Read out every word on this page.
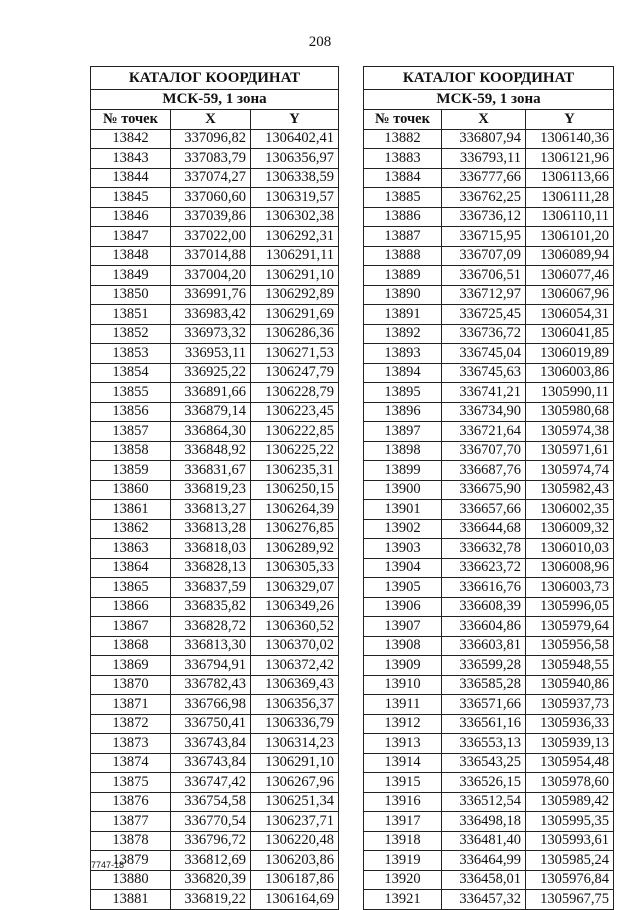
208
КАТАЛОГ КООРДИНАТ		
МСК-59, 1 зона		
№ точек	X	Y
13842	337096,82	1306402,41
13843	337083,79	1306356,97
13844	337074,27	1306338,59
13845	337060,60	1306319,57
13846	337039,86	1306302,38
13847	337022,00	1306292,31
13848	337014,88	1306291,11
13849	337004,20	1306291,10
13850	336991,76	1306292,89
13851	336983,42	1306291,69
13852	336973,32	1306286,36
13853	336953,11	1306271,53
13854	336925,22	1306247,79
13855	336891,66	1306228,79
13856	336879,14	1306223,45
13857	336864,30	1306222,85
13858	336848,92	1306225,22
13859	336831,67	1306235,31
13860	336819,23	1306250,15
13861	336813,27	1306264,39
13862	336813,28	1306276,85
13863	336818,03	1306289,92
13864	336828,13	1306305,33
13865	336837,59	1306329,07
13866	336835,82	1306349,26
13867	336828,72	1306360,52
13868	336813,30	1306370,02
13869	336794,91	1306372,42
13870	336782,43	1306369,43
13871	336766,98	1306356,37
13872	336750,41	1306336,79
13873	336743,84	1306314,23
13874	336743,84	1306291,10
13875	336747,42	1306267,96
13876	336754,58	1306251,34
13877	336770,54	1306237,71
13878	336796,72	1306220,48
13879	336812,69	1306203,86
13880	336820,39	1306187,86
13881	336819,22	1306164,69
КАТАЛОГ КООРДИНАТ		
МСК-59, 1 зона		
№ точек	X	Y
13882	336807,94	1306140,36
13883	336793,11	1306121,96
13884	336777,66	1306113,66
13885	336762,25	1306111,28
13886	336736,12	1306110,11
13887	336715,95	1306101,20
13888	336707,09	1306089,94
13889	336706,51	1306077,46
13890	336712,97	1306067,96
13891	336725,45	1306054,31
13892	336736,72	1306041,85
13893	336745,04	1306019,89
13894	336745,63	1306003,86
13895	336741,21	1305990,11
13896	336734,90	1305980,68
13897	336721,64	1305974,38
13898	336707,70	1305971,61
13899	336687,76	1305974,74
13900	336675,90	1305982,43
13901	336657,66	1306002,35
13902	336644,68	1306009,32
13903	336632,78	1306010,03
13904	336623,72	1306008,96
13905	336616,76	1306003,73
13906	336608,39	1305996,05
13907	336604,86	1305979,64
13908	336603,81	1305956,58
13909	336599,28	1305948,55
13910	336585,28	1305940,86
13911	336571,66	1305937,73
13912	336561,16	1305936,33
13913	336553,13	1305939,13
13914	336543,25	1305954,48
13915	336526,15	1305978,60
13916	336512,54	1305989,42
13917	336498,18	1305995,35
13918	336481,40	1305993,61
13919	336464,99	1305985,24
13920	336458,01	1305976,84
13921	336457,32	1305967,75
7747-18
